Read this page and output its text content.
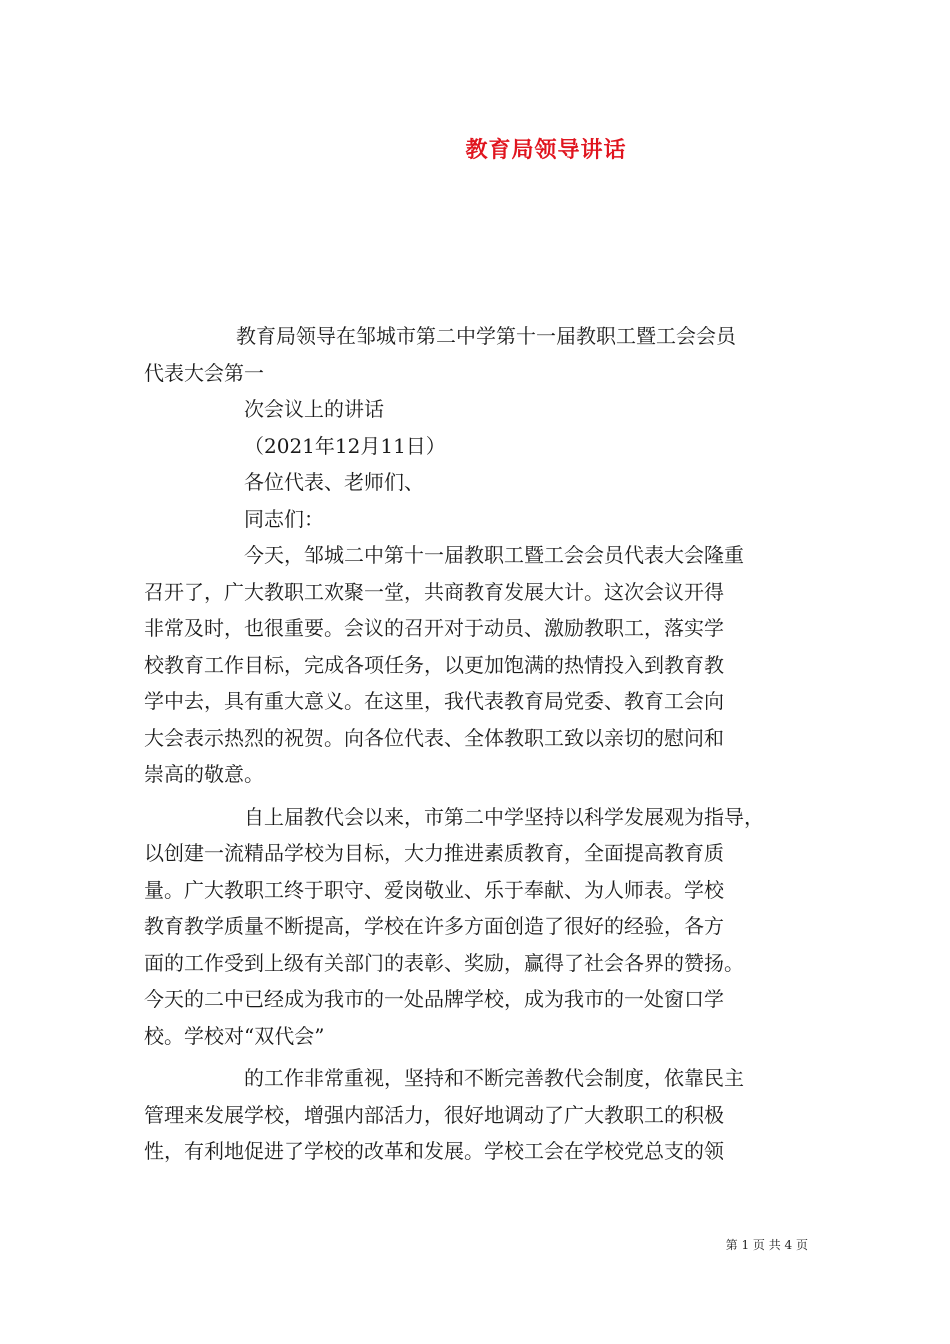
教育局领导讲话
教育局领导在邹城市第二中学第十一届教职工暨工会会员
代表大会第一
次会议上的讲话
（2021年12月11日）
各位代表、老师们、
同志们：
今天，邹城二中第十一届教职工暨工会会员代表大会隆重
召开了，广大教职工欢聚一堂，共商教育发展大计。这次会议开得
非常及时，也很重要。会议的召开对于动员、激励教职工，落实学
校教育工作目标，完成各项任务，以更加饱满的热情投入到教育教
学中去，具有重大意义。在这里，我代表教育局党委、教育工会向
大会表示热烈的祝贺。向各位代表、全体教职工致以亲切的慰问和
崇高的敬意。
自上届教代会以来，市第二中学坚持以科学发展观为指导，
以创建一流精品学校为目标，大力推进素质教育，全面提高教育质
量。广大教职工终于职守、爱岗敬业、乐于奉献、为人师表。学校
教育教学质量不断提高，学校在许多方面创造了很好的经验，各方
面的工作受到上级有关部门的表彰、奖励，赢得了社会各界的赞扬。
今天的二中已经成为我市的一处品牌学校，成为我市的一处窗口学
校。学校对“双代会”
的工作非常重视，坚持和不断完善教代会制度，依靠民主
管理来发展学校，增强内部活力，很好地调动了广大教职工的积极
性，有利地促进了学校的改革和发展。学校工会在学校党总支的领
第 1 页 共 4 页
